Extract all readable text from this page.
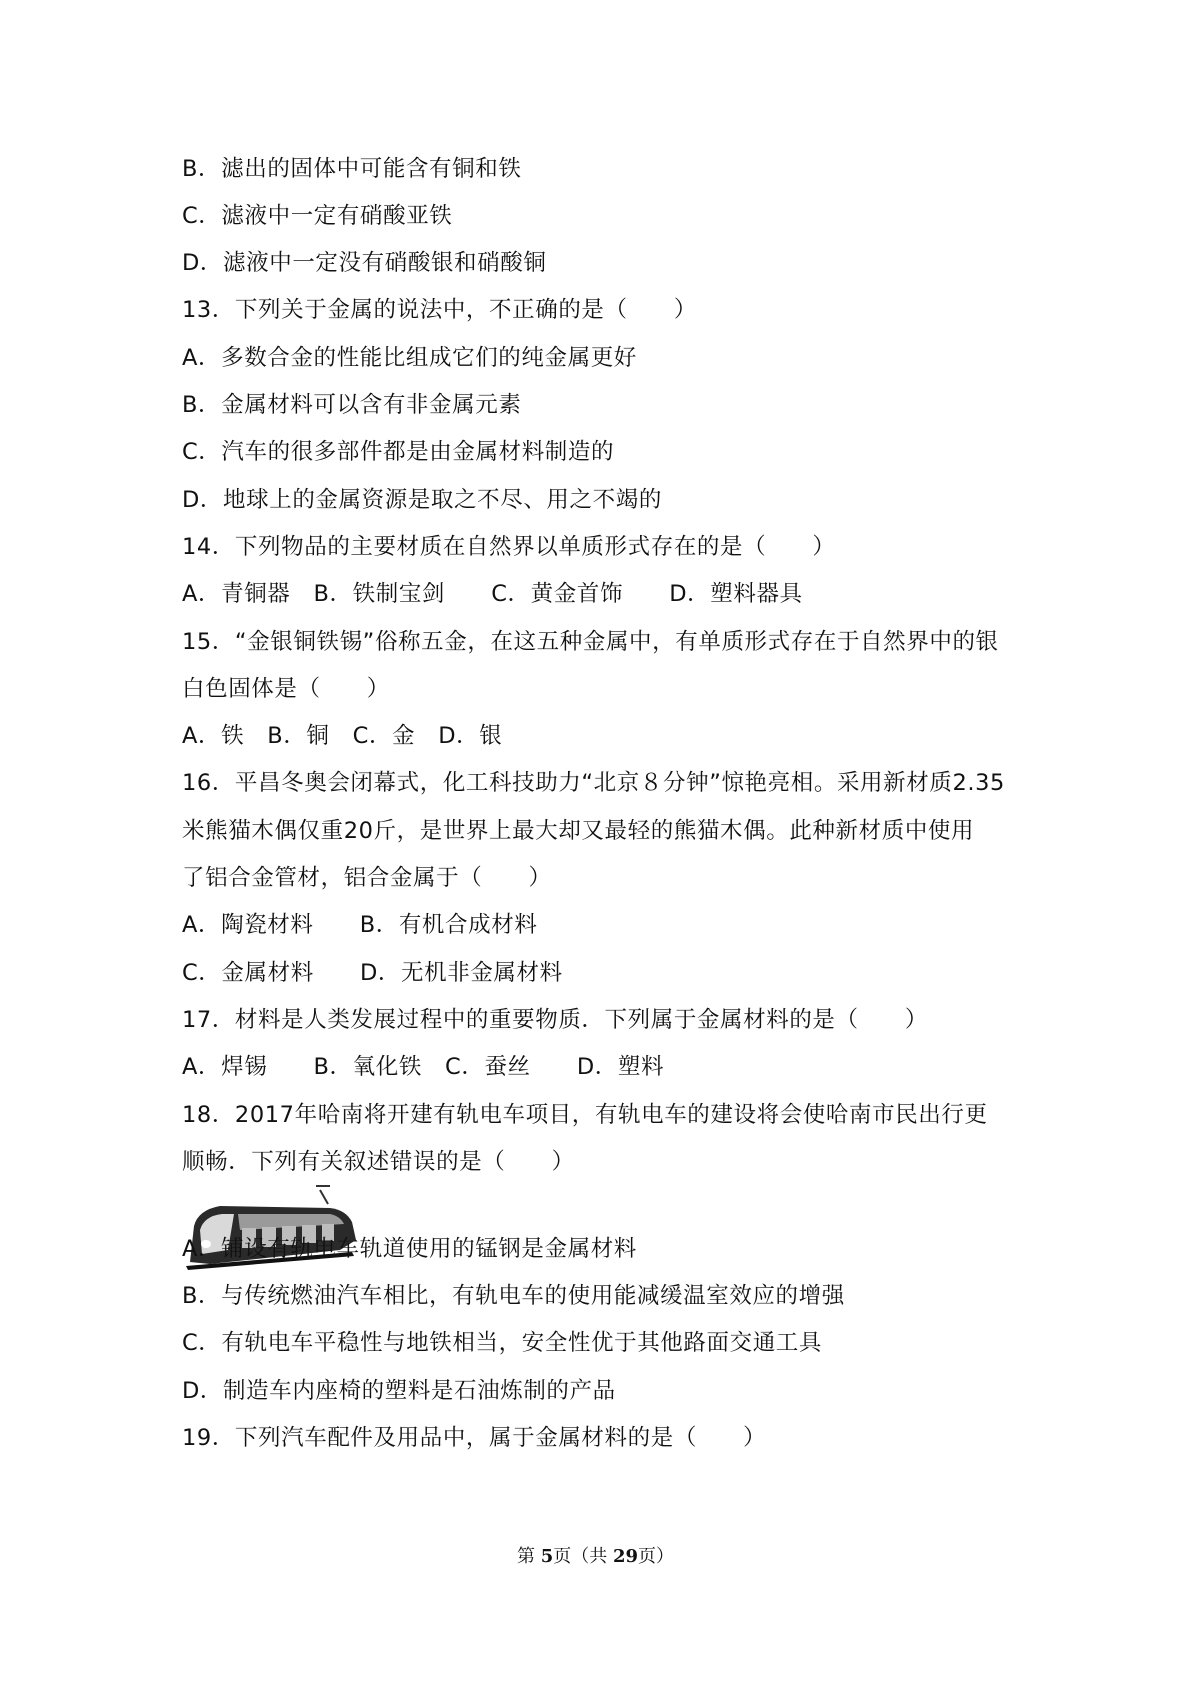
B．滤出的固体中可能含有铜和铁
C．滤液中一定有硝酸亚铁
D．滤液中一定没有硝酸银和硝酸铜
13．下列关于金属的说法中，不正确的是（　　）
A．多数合金的性能比组成它们的纯金属更好
B．金属材料可以含有非金属元素
C．汽车的很多部件都是由金属材料制造的
D．地球上的金属资源是取之不尽、用之不竭的
14．下列物品的主要材质在自然界以单质形式存在的是（　　）
A．青铜器　B．铁制宝剑　　C．黄金首饰　　D．塑料器具
15．“金银铜铁锡”俗称五金，在这五种金属中，有单质形式存在于自然界中的银
白色固体是（　　）
A．铁　B．铜　C．金　D．银
16．平昌冬奥会闭幕式，化工科技助力“北京８分钟”惊艳亮相。采用新材质2.35
米熊猫木偶仅重20斤，是世界上最大却又最轻的熊猫木偶。此种新材质中使用
了铝合金管材，铝合金属于（　　）
A．陶瓷材料　　B．有机合成材料
C．金属材料　　D．无机非金属材料
17．材料是人类发展过程中的重要物质．下列属于金属材料的是（　　）
A．焊锡　　B．氧化铁　C．蚕丝　　D．塑料
18．2017年哈南将开建有轨电车项目，有轨电车的建设将会使哈南市民出行更
顺畅．下列有关叙述错误的是（　　）
A．铺设有轨电车轨道使用的锰钢是金属材料
B．与传统燃油汽车相比，有轨电车的使用能减缓温室效应的增强
C．有轨电车平稳性与地铁相当，安全性优于其他路面交通工具
D．制造车内座椅的塑料是石油炼制的产品
19．下列汽车配件及用品中，属于金属材料的是（　　）
第 5页（共 29页）
